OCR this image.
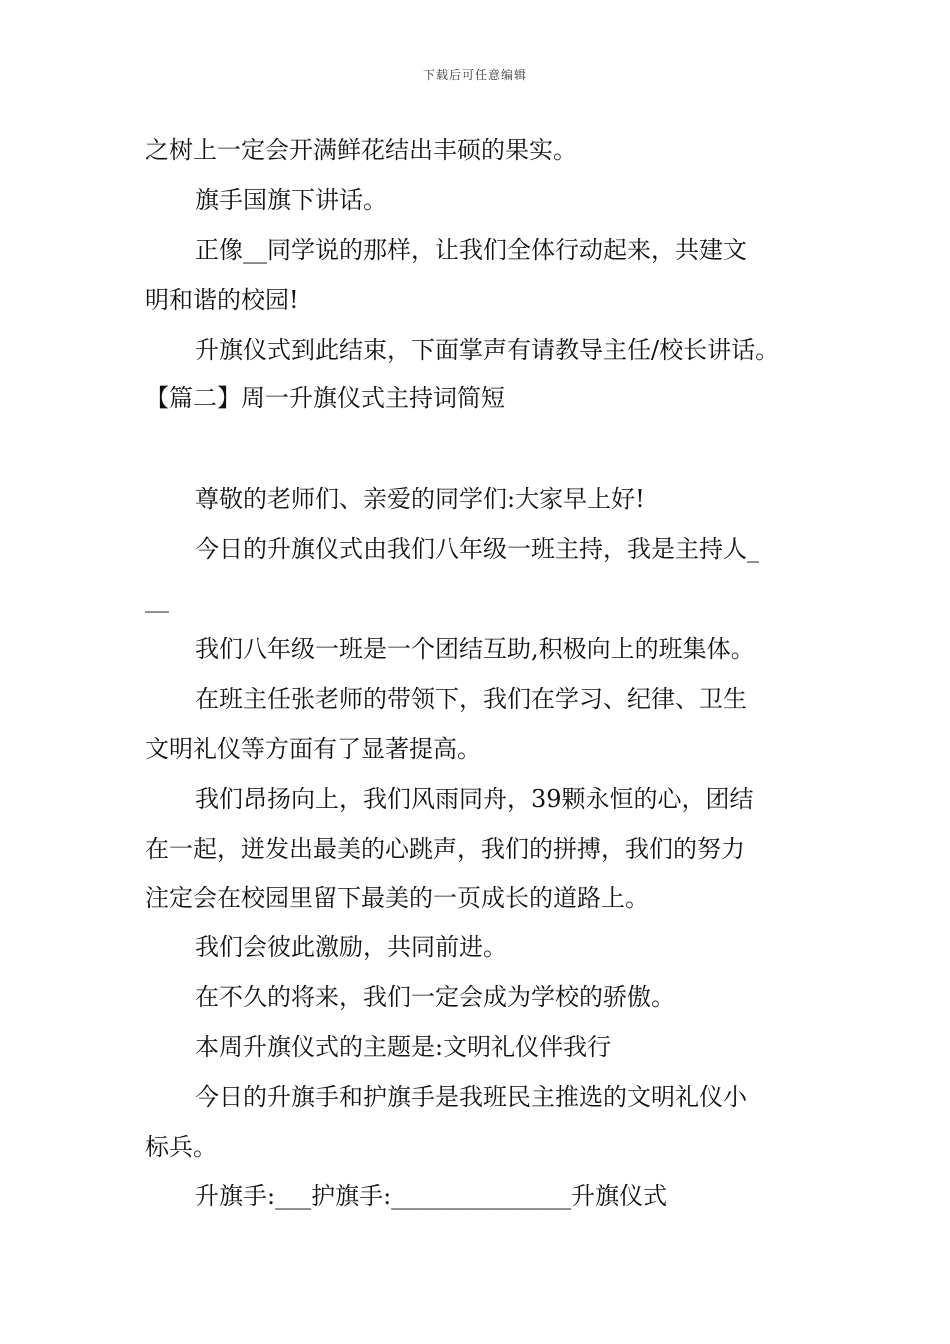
下载后可任意编辑
之树上一定会开满鲜花结出丰硕的果实。
旗手国旗下讲话。
正像__同学说的那样，让我们全体行动起来，共建文
明和谐的校园!
升旗仪式到此结束，下面掌声有请教导主任/校长讲话。
【篇二】周一升旗仪式主持词简短
尊敬的老师们、亲爱的同学们:大家早上好!
今日的升旗仪式由我们八年级一班主持，我是主持人_
__
我们八年级一班是一个团结互助,积极向上的班集体。
在班主任张老师的带领下，我们在学习、纪律、卫生
文明礼仪等方面有了显著提高。
我们昂扬向上，我们风雨同舟，39颗永恒的心，团结
在一起，迸发出最美的心跳声，我们的拼搏，我们的努力
注定会在校园里留下最美的一页成长的道路上。
我们会彼此激励，共同前进。
在不久的将来，我们一定会成为学校的骄傲。
本周升旗仪式的主题是:文明礼仪伴我行
今日的升旗手和护旗手是我班民主推选的文明礼仪小
标兵。
升旗手:___护旗手:_______________升旗仪式
